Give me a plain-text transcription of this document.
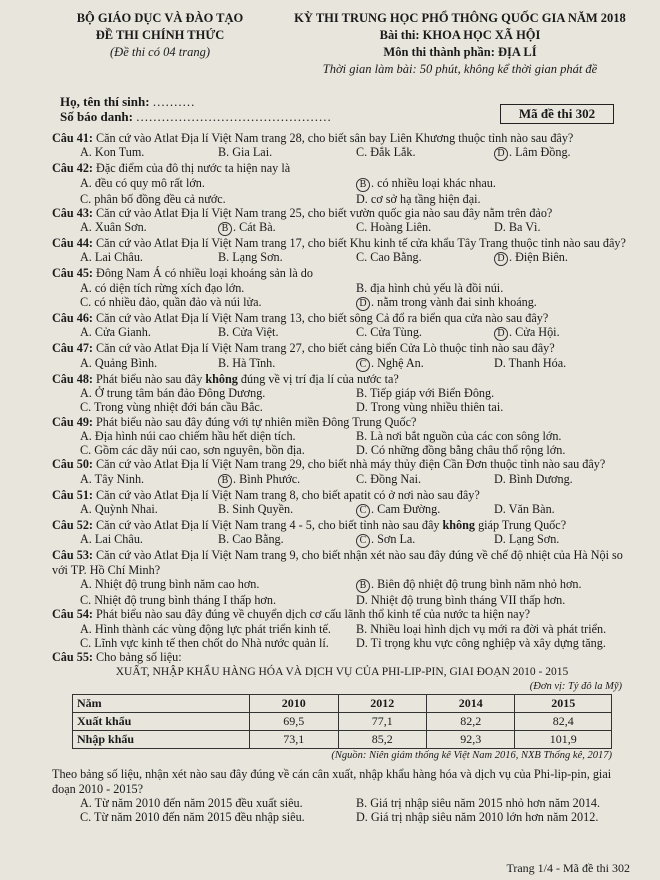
BỘ GIÁO DỤC VÀ ĐÀO TẠO
ĐỀ THI CHÍNH THỨC
(Đề thi có 04 trang)
KỲ THI TRUNG HỌC PHỔ THÔNG QUỐC GIA NĂM 2018
Bài thi: KHOA HỌC XÃ HỘI
Môn thi thành phần: ĐỊA LÍ
Thời gian làm bài: 50 phút, không kể thời gian phát đề
Họ, tên thí sinh: ..........
Số báo danh: ..............................................	Mã đề thi 302
Câu 41: Căn cứ vào Atlat Địa lí Việt Nam trang 28, cho biết sân bay Liên Khương thuộc tỉnh nào sau đây?
A. Kon Tum.	B. Gia Lai.	C. Đắk Lắk.	D . Lâm Đồng.
Câu 42: Đặc điểm của đô thị nước ta hiện nay là
A. đều có quy mô rất lớn.	B . có nhiều loại khác nhau.
C. phân bố đồng đều cả nước.	D. cơ sở hạ tầng hiện đại.
Câu 43: Căn cứ vào Atlat Địa lí Việt Nam trang 25, cho biết vườn quốc gia nào sau đây nằm trên đảo?
A. Xuân Sơn.	B . Cát Bà.	C. Hoàng Liên.	D. Ba Vì.
Câu 44: Căn cứ vào Atlat Địa lí Việt Nam trang 17, cho biết Khu kinh tế cửa khẩu Tây Trang thuộc tỉnh nào sau đây?
A. Lai Châu.	B. Lạng Sơn.	C. Cao Bằng.	D . Điện Biên.
Câu 45: Đông Nam Á có nhiều loại khoáng sản là do
A. có diện tích rừng xích đạo lớn.	B. địa hình chủ yếu là đồi núi.
C. có nhiều đảo, quần đảo và núi lửa.	D . nằm trong vành đai sinh khoáng.
Câu 46: Căn cứ vào Atlat Địa lí Việt Nam trang 13, cho biết sông Cả đổ ra biển qua cửa nào sau đây?
A. Cửa Gianh.	B. Cửa Việt.	C. Cửa Tùng.	D . Cửa Hội.
Câu 47: Căn cứ vào Atlat Địa lí Việt Nam trang 27, cho biết cảng biển Cửa Lò thuộc tỉnh nào sau đây?
A. Quảng Bình.	B. Hà Tĩnh.	C . Nghệ An.	D. Thanh Hóa.
Câu 48: Phát biểu nào sau đây không đúng về vị trí địa lí của nước ta?
A. Ở trung tâm bán đảo Đông Dương.	B. Tiếp giáp với Biển Đông.
C. Trong vùng nhiệt đới bán cầu Bắc.	D. Trong vùng nhiều thiên tai.
Câu 49: Phát biểu nào sau đây đúng với tự nhiên miền Đông Trung Quốc?
A. Địa hình núi cao chiếm hầu hết diện tích.	B. Là nơi bắt nguồn của các con sông lớn.
C. Gồm các dãy núi cao, sơn nguyên, bồn địa.	D. Có những đồng bằng châu thổ rộng lớn.
Câu 50: Căn cứ vào Atlat Địa lí Việt Nam trang 29, cho biết nhà máy thủy điện Cần Đơn thuộc tỉnh nào sau đây?
A. Tây Ninh.	B . Bình Phước.	C. Đồng Nai.	D. Bình Dương.
Câu 51: Căn cứ vào Atlat Địa lí Việt Nam trang 8, cho biết apatit có ở nơi nào sau đây?
A. Quỳnh Nhai.	B. Sinh Quyền.	C . Cam Đường.	D. Văn Bàn.
Câu 52: Căn cứ vào Atlat Địa lí Việt Nam trang 4 - 5, cho biết tỉnh nào sau đây không giáp Trung Quốc?
A. Lai Châu.	B. Cao Bằng.	C . Sơn La.	D. Lạng Sơn.
Câu 53: Căn cứ vào Atlat Địa lí Việt Nam trang 9, cho biết nhận xét nào sau đây đúng về chế độ nhiệt của Hà Nội so với TP. Hồ Chí Minh?
A. Nhiệt độ trung bình năm cao hơn.	B . Biên độ nhiệt độ trung bình năm nhỏ hơn.
C. Nhiệt độ trung bình tháng I thấp hơn.	D. Nhiệt độ trung bình tháng VII thấp hơn.
Câu 54: Phát biểu nào sau đây đúng về chuyển dịch cơ cấu lãnh thổ kinh tế của nước ta hiện nay?
A. Hình thành các vùng động lực phát triển kinh tế.	B. Nhiều loại hình dịch vụ mới ra đời và phát triển.
C. Lĩnh vực kinh tế then chốt do Nhà nước quản lí.	D. Tỉ trọng khu vực công nghiệp và xây dựng tăng.
Câu 55: Cho bảng số liệu:
XUẤT, NHẬP KHẨU HÀNG HÓA VÀ DỊCH VỤ CỦA PHI-LIP-PIN, GIAI ĐOẠN 2010 - 2015
(Đơn vị: Tỷ đô la Mỹ)
Năm	2010	2012	2014	2015
Xuất khẩu	69,5	77,1	82,2	82,4
Nhập khẩu	73,1	85,2	92,3	101,9
(Nguồn: Niên giám thống kê Việt Nam 2016, NXB Thống kê, 2017)
Theo bảng số liệu, nhận xét nào sau đây đúng về cán cân xuất, nhập khẩu hàng hóa và dịch vụ của Phi-lip-pin, giai đoạn 2010 - 2015?
A. Từ năm 2010 đến năm 2015 đều xuất siêu.	B. Giá trị nhập siêu năm 2015 nhỏ hơn năm 2014.
C. Từ năm 2010 đến năm 2015 đều nhập siêu.	D. Giá trị nhập siêu năm 2010 lớn hơn năm 2012.
Trang 1/4 - Mã đề thi 302
